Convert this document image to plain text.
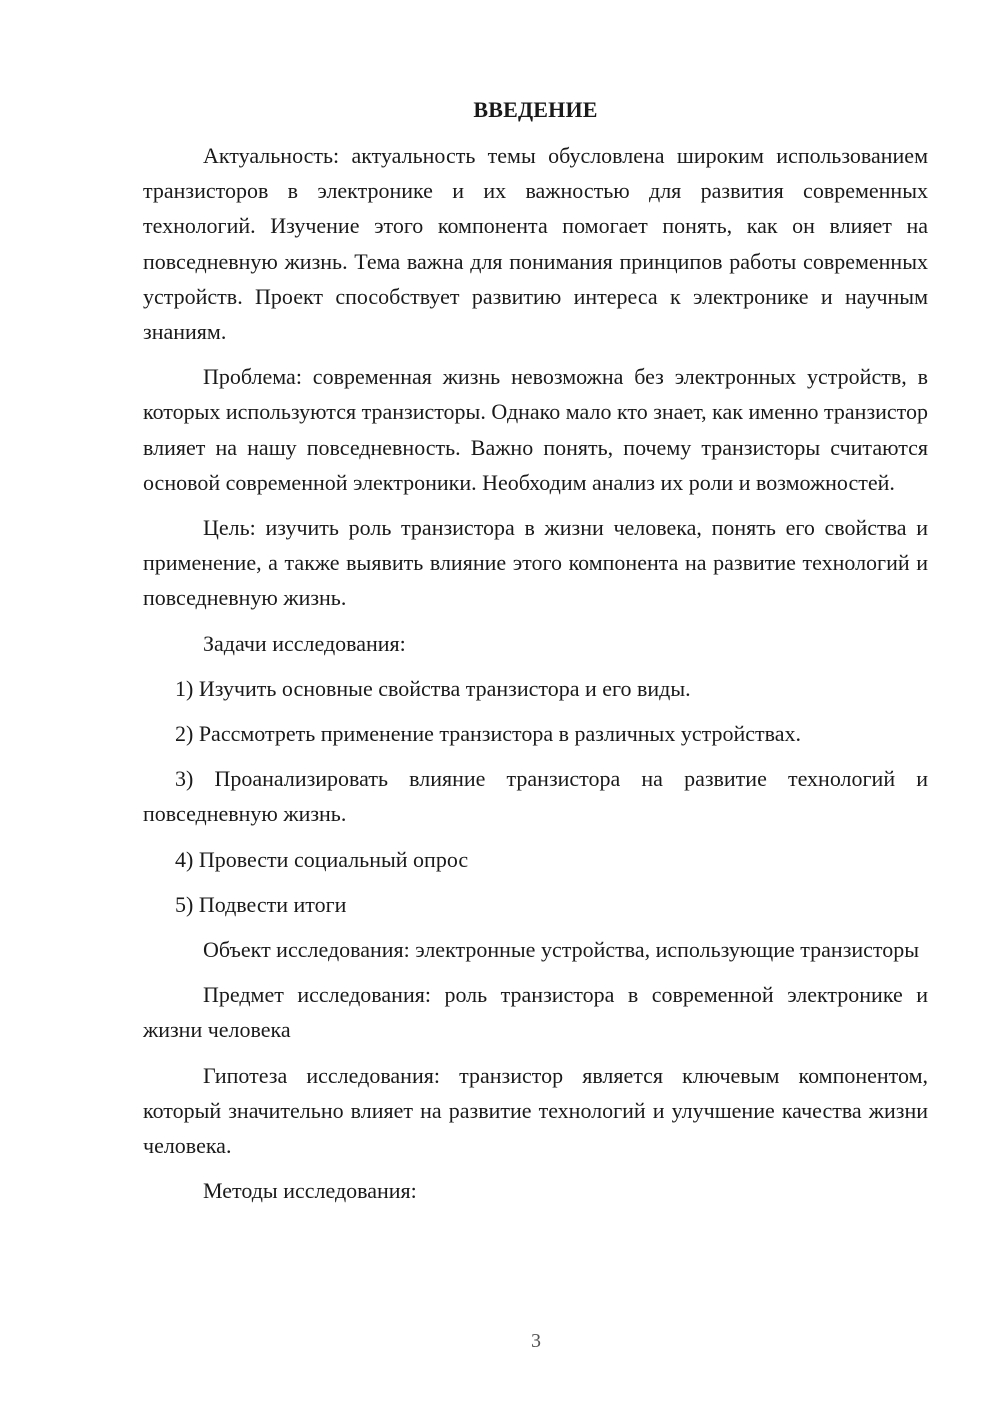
ВВЕДЕНИЕ

Актуальность: актуальность темы обусловлена широким использованием транзисторов в электронике и их важностью для развития современных технологий. Изучение этого компонента помогает понять, как он влияет на повседневную жизнь. Тема важна для понимания принципов работы современных устройств. Проект способствует развитию интереса к электронике и научным знаниям.

Проблема: современная жизнь невозможна без электронных устройств, в которых используются транзисторы. Однако мало кто знает, как именно транзистор влияет на нашу повседневность. Важно понять, почему транзисторы считаются основой современной электроники. Необходим анализ их роли и возможностей.

Цель: изучить роль транзистора в жизни человека, понять его свойства и применение, а также выявить влияние этого компонента на развитие технологий и повседневную жизнь.

Задачи исследования:

1) Изучить основные свойства транзистора и его виды.

2) Рассмотреть применение транзистора в различных устройствах.

3) Проанализировать влияние транзистора на развитие технологий и повседневную жизнь.

4) Провести социальный опрос

5) Подвести итоги

Объект исследования: электронные устройства, использующие транзисторы

Предмет исследования: роль транзистора в современной электронике и жизни человека

Гипотеза исследования: транзистор является ключевым компонентом, который значительно влияет на развитие технологий и улучшение качества жизни человека.

Методы исследования:

3
